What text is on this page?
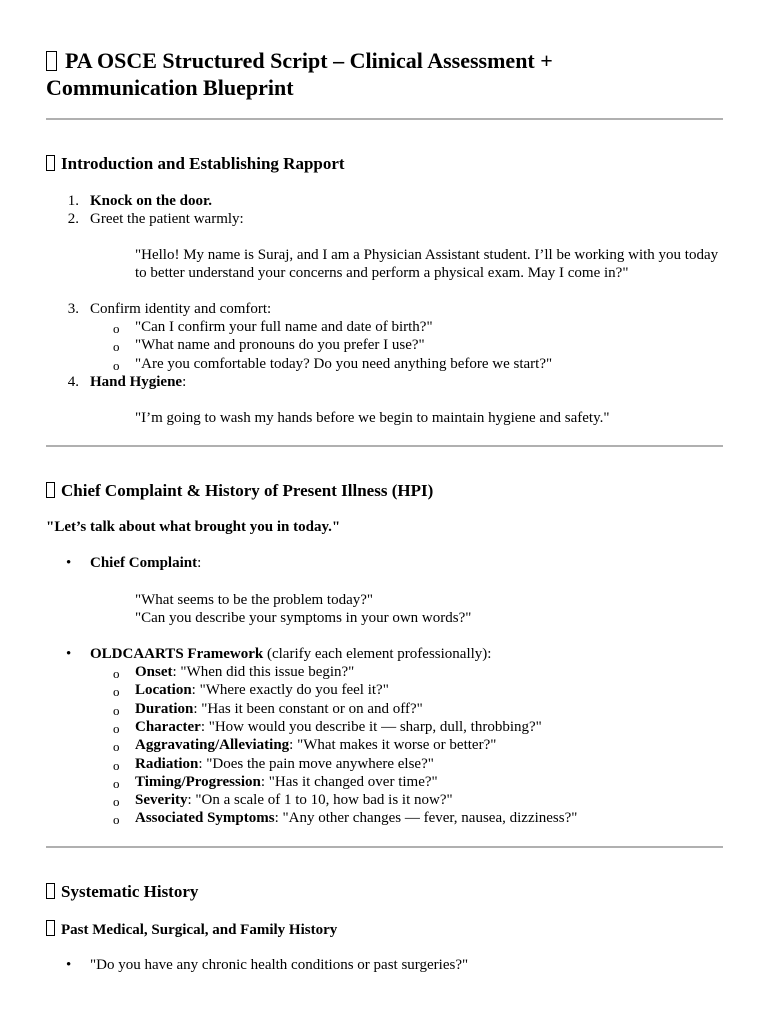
PA OSCE Structured Script – Clinical Assessment +
Communication Blueprint
Introduction and Establishing Rapport
1. Knock on the door.
2. Greet the patient warmly:
"Hello! My name is Suraj, and I am a Physician Assistant student. I’ll be working with you today
to better understand your concerns and perform a physical exam. May I come in?"
3. Confirm identity and comfort:
o "Can I confirm your full name and date of birth?"
o "What name and pronouns do you prefer I use?"
o "Are you comfortable today? Do you need anything before we start?"
4. Hand Hygiene:
"I’m going to wash my hands before we begin to maintain hygiene and safety."
Chief Complaint & History of Present Illness (HPI)
"Let’s talk about what brought you in today."
• Chief Complaint:
"What seems to be the problem today?"
"Can you describe your symptoms in your own words?"
• OLDCAARTS Framework (clarify each element professionally):
o Onset: "When did this issue begin?"
o Location: "Where exactly do you feel it?"
o Duration: "Has it been constant or on and off?"
o Character: "How would you describe it — sharp, dull, throbbing?"
o Aggravating/Alleviating: "What makes it worse or better?"
o Radiation: "Does the pain move anywhere else?"
o Timing/Progression: "Has it changed over time?"
o Severity: "On a scale of 1 to 10, how bad is it now?"
o Associated Symptoms: "Any other changes — fever, nausea, dizziness?"
Systematic History
Past Medical, Surgical, and Family History
• "Do you have any chronic health conditions or past surgeries?"
